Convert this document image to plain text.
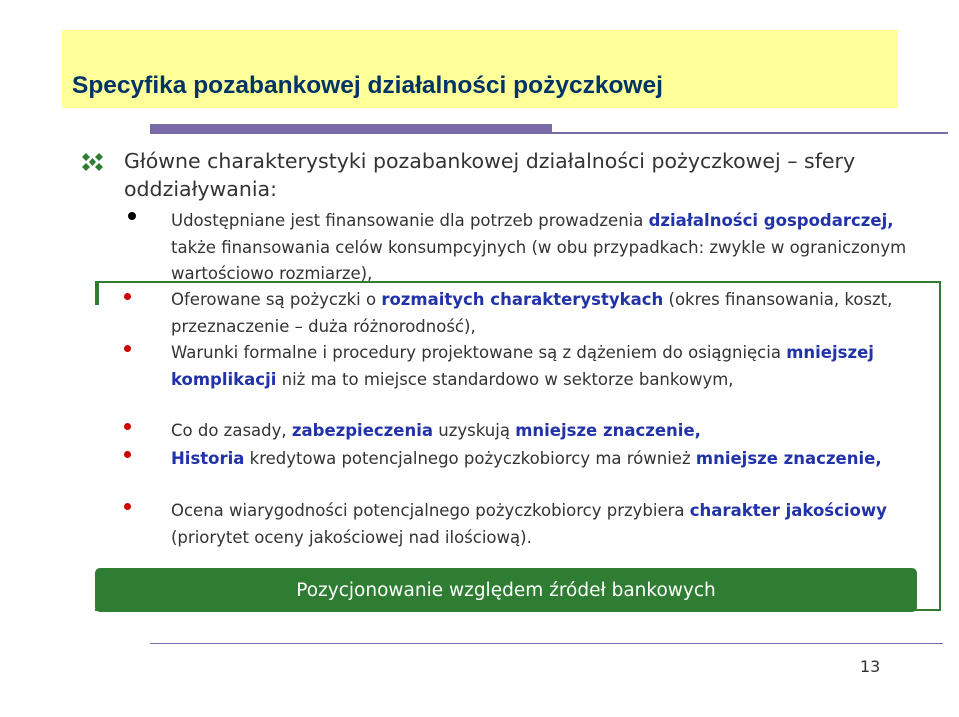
Specyfika pozabankowej działalności pożyczkowej
Główne charakterystyki pozabankowej działalności pożyczkowej – sfery oddziaływania:
Udostępniane jest finansowanie dla potrzeb prowadzenia działalności gospodarczej, także finansowania celów konsumpcyjnych (w obu przypadkach: zwykle w ograniczonym wartościowo rozmiarze),
Oferowane są pożyczki o rozmaitych charakterystykach (okres finansowania, koszt, przeznaczenie – duża różnorodność),
Warunki formalne i procedury projektowane są z dążeniem do osiągnięcia mniejszej komplikacji niż ma to miejsce standardowo w sektorze bankowym,
Co do zasady, zabezpieczenia uzyskują mniejsze znaczenie,
Historia kredytowa potencjalnego pożyczkobiorcy ma również mniejsze znaczenie,
Ocena wiarygodności potencjalnego pożyczkobiorcy przybiera charakter jakościowy (priorytet oceny jakościowej nad ilościową).
Pozycjonowanie względem źródeł bankowych
13
